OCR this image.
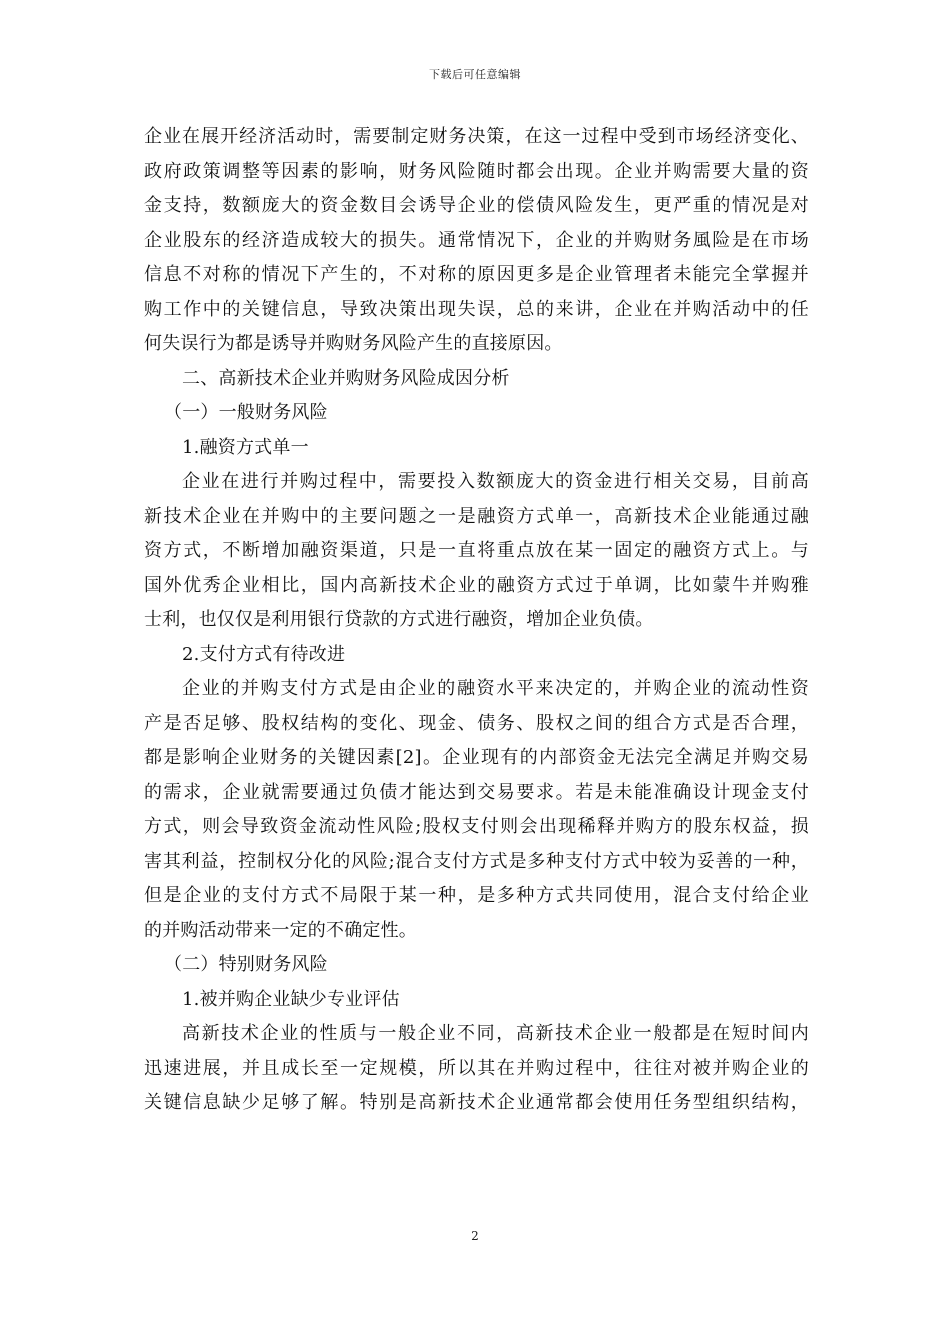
下载后可任意编辑
企业在展开经济活动时，需要制定财务决策，在这一过程中受到市场经济变化、
政府政策调整等因素的影响，财务风险随时都会出现。企业并购需要大量的资
金支持，数额庞大的资金数目会诱导企业的偿债风险发生，更严重的情况是对
企业股东的经济造成较大的损失。通常情况下，企业的并购财务風险是在市场
信息不对称的情况下产生的，不对称的原因更多是企业管理者未能完全掌握并
购工作中的关键信息，导致决策出现失误，总的来讲，企业在并购活动中的任
何失误行为都是诱导并购财务风险产生的直接原因。
二、高新技术企业并购财务风险成因分析
（一）一般财务风险
1.融资方式单一
企业在进行并购过程中，需要投入数额庞大的资金进行相关交易，目前高
新技术企业在并购中的主要问题之一是融资方式单一，高新技术企业能通过融
资方式，不断增加融资渠道，只是一直将重点放在某一固定的融资方式上。与
国外优秀企业相比，国内高新技术企业的融资方式过于单调，比如蒙牛并购雅
士利，也仅仅是利用银行贷款的方式进行融资，增加企业负债。
2.支付方式有待改进
企业的并购支付方式是由企业的融资水平来决定的，并购企业的流动性资
产是否足够、股权结构的变化、现金、债务、股权之间的组合方式是否合理，
都是影响企业财务的关键因素[2]。企业现有的内部资金无法完全满足并购交易
的需求，企业就需要通过负债才能达到交易要求。若是未能准确设计现金支付
方式，则会导致资金流动性风险;股权支付则会出现稀释并购方的股东权益，损
害其利益，控制权分化的风险;混合支付方式是多种支付方式中较为妥善的一种，
但是企业的支付方式不局限于某一种，是多种方式共同使用，混合支付给企业
的并购活动带来一定的不确定性。
（二）特别财务风险
1.被并购企业缺少专业评估
高新技术企业的性质与一般企业不同，高新技术企业一般都是在短时间内
迅速进展，并且成长至一定规模，所以其在并购过程中，往往对被并购企业的
关键信息缺少足够了解。特别是高新技术企业通常都会使用任务型组织结构，
2
